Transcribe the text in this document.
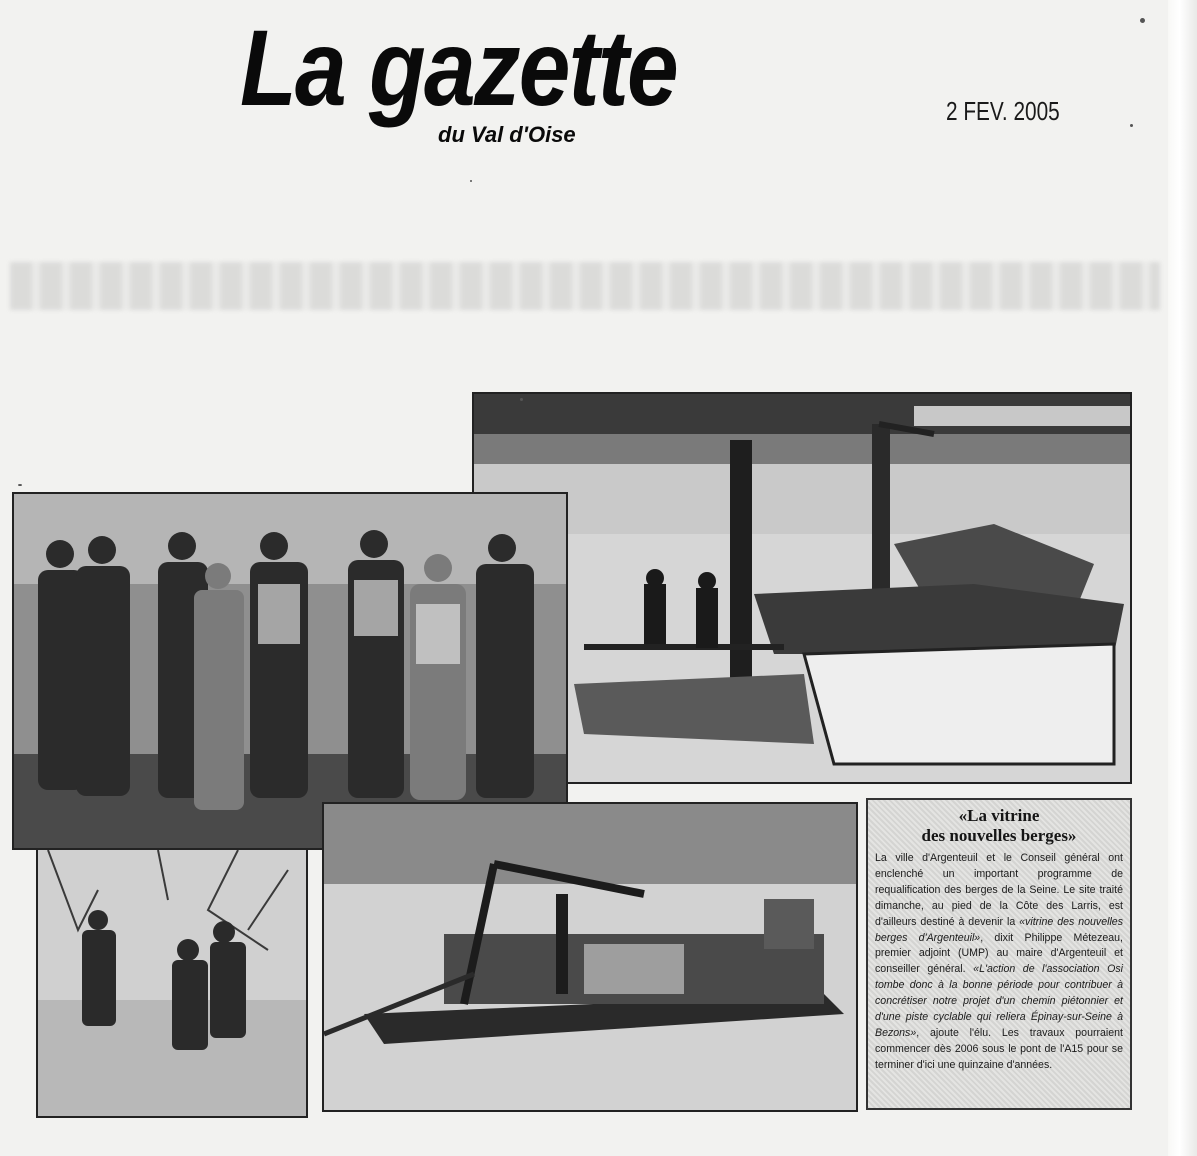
La gazette
du Val d'Oise
2 FEV. 2005
«La vitrine
des nouvelles berges»

La ville d'Argenteuil et le Conseil général ont enclenché un important programme de requalification des berges de la Seine. Le site traité dimanche, au pied de la Côte des Larris, est d'ailleurs destiné à devenir la «vitrine des nouvelles berges d'Argenteuil», dixit Philippe Métezeau, premier adjoint (UMP) au maire d'Argenteuil et conseiller général. «L'action de l'association Osi tombe donc à la bonne période pour contribuer à concrétiser notre projet d'un chemin piétonnier et d'une piste cyclable qui reliera Épinay-sur-Seine à Bezons», ajoute l'élu. Les travaux pourraient commencer dès 2006 sous le pont de l'A15 pour se terminer d'ici une quinzaine d'années.
